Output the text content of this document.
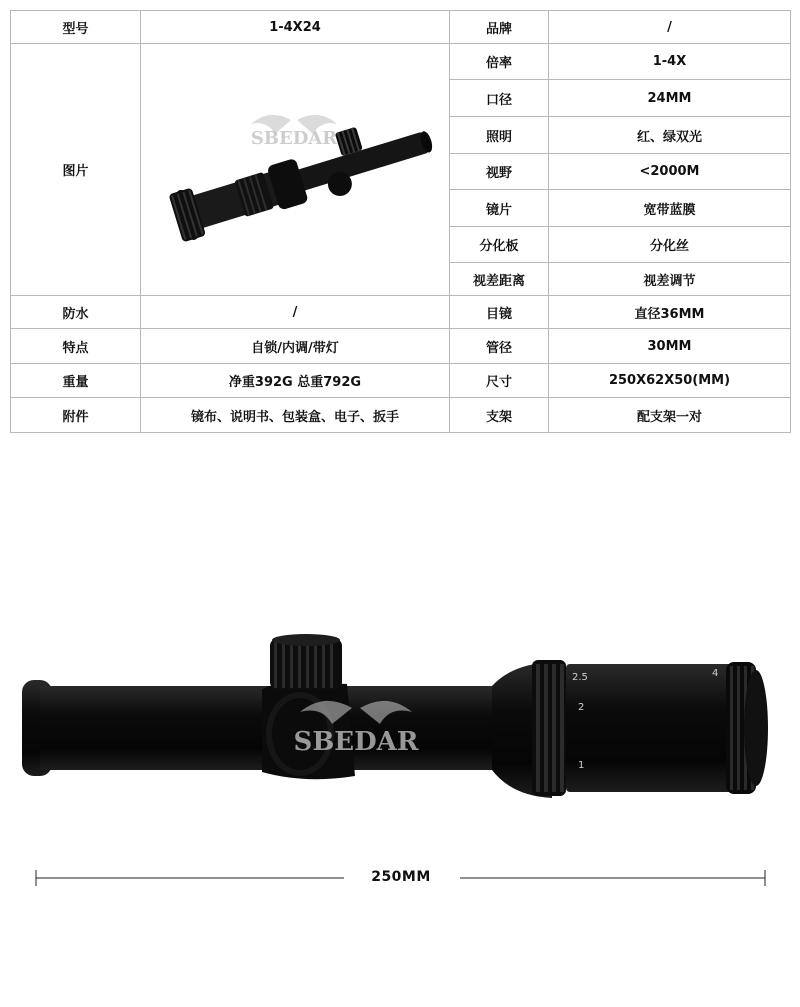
型号	1-4X24	品牌	/
图片	SBEDAR	倍率	1-4X
		口径	24MM
		照明	红、绿双光
		视野	<2000M
		镜片	宽带蓝膜
		分化板	分化丝
		视差距离	视差调节
防水	/	目镜	直径36MM
特点	自锁/内调/带灯	管径	30MM
重量	净重392G 总重792G	尺寸	250X62X50(MM)
附件	镜布、说明书、包装盒、电子、扳手	支架	配支架一对
1
2
2.5	4
SBEDAR
250MM
